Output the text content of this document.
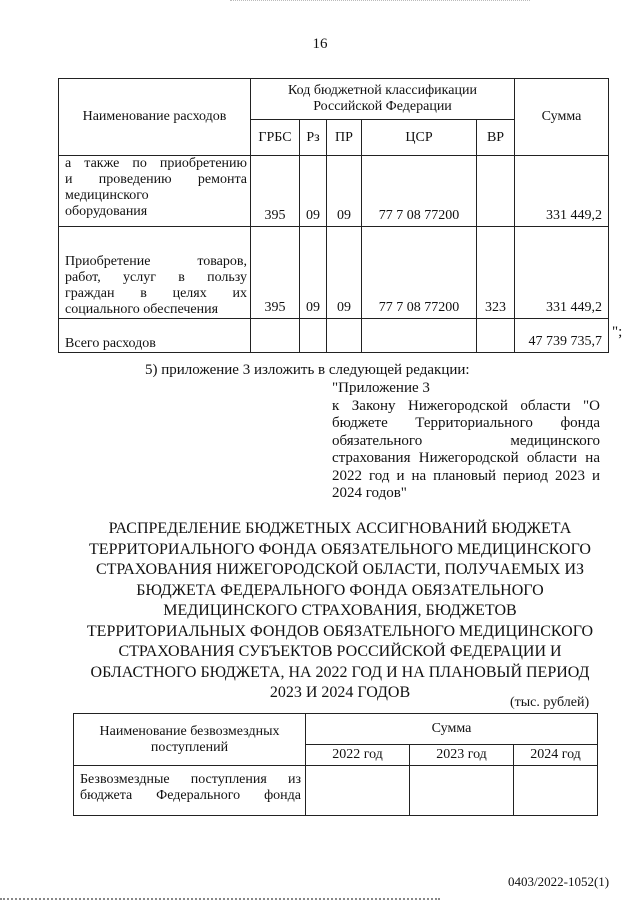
16
Наименование расходов	Код бюджетной классификации Российской Федерации					Сумма
	ГРБС	Рз	ПР	ЦСР	ВР	

а также по приобретению
и проведению ремонта
медицинского
оборудования	395	09	09	77 7 08 77200		331 449,2

Приобретение товаров,
работ, услуг в пользу
граждан в целях их
социального обеспечения	395	09	09	77 7 08 77200	323	331 449,2
Всего расходов						47 739 735,7
";
5) приложение 3 изложить в следующей редакции:
"Приложение 3
к Закону Нижегородской области "О
бюджете Территориального фонда
обязательного медицинского
страхования Нижегородской области на
2022 год и на плановый период 2023 и
2024 годов"
РАСПРЕДЕЛЕНИЕ БЮДЖЕТНЫХ АССИГНОВАНИЙ БЮДЖЕТА
ТЕРРИТОРИАЛЬНОГО ФОНДА ОБЯЗАТЕЛЬНОГО МЕДИЦИНСКОГО
СТРАХОВАНИЯ НИЖЕГОРОДСКОЙ ОБЛАСТИ, ПОЛУЧАЕМЫХ ИЗ
БЮДЖЕТА ФЕДЕРАЛЬНОГО ФОНДА ОБЯЗАТЕЛЬНОГО
МЕДИЦИНСКОГО СТРАХОВАНИЯ, БЮДЖЕТОВ
ТЕРРИТОРИАЛЬНЫХ ФОНДОВ ОБЯЗАТЕЛЬНОГО МЕДИЦИНСКОГО
СТРАХОВАНИЯ СУБЪЕКТОВ РОССИЙСКОЙ ФЕДЕРАЦИИ И
ОБЛАСТНОГО БЮДЖЕТА, НА 2022 ГОД И НА ПЛАНОВЫЙ ПЕРИОД
2023 И 2024 ГОДОВ
(тыс. рублей)
Наименование безвозмездных поступлений	Сумма		
	2022 год	2023 год	2024 год

Безвозмездные поступления из
бюджета Федерального фонда			

0403/2022-1052(1)
